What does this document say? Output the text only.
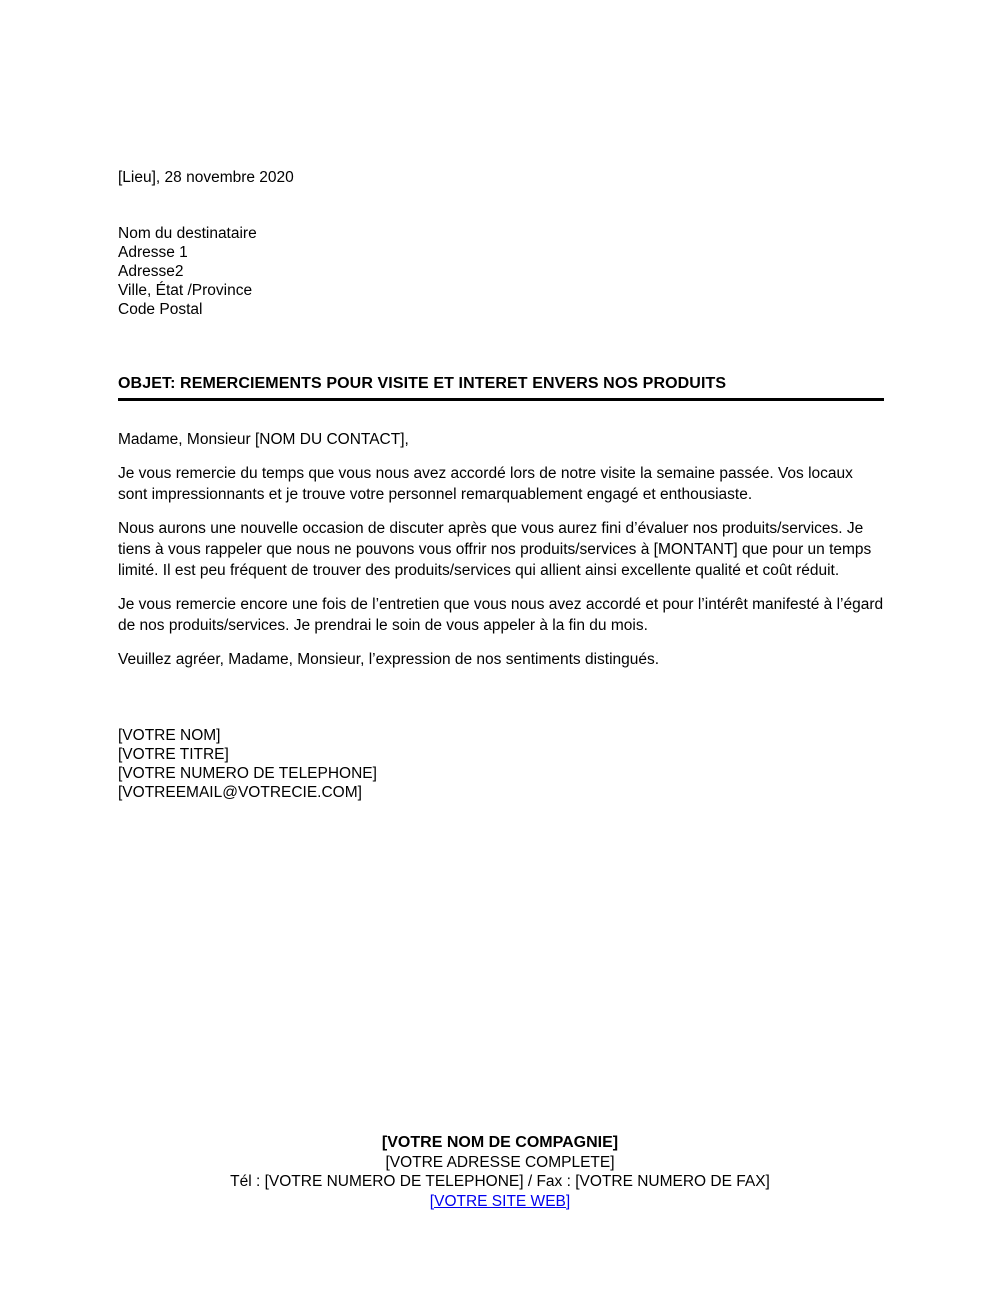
[Lieu], 28 novembre 2020
Nom du destinataire
Adresse 1
Adresse2
Ville, État /Province
Code Postal
OBJET: REMERCIEMENTS POUR VISITE ET INTERET ENVERS NOS PRODUITS
Madame, Monsieur [NOM DU CONTACT],
Je vous remercie du temps que vous nous avez accordé lors de notre visite la semaine passée. Vos locaux sont impressionnants et je trouve votre personnel remarquablement engagé et enthousiaste.
Nous aurons une nouvelle occasion de discuter après que vous aurez fini d’évaluer nos produits/services. Je tiens à vous rappeler que nous ne pouvons vous offrir nos produits/services à [MONTANT] que pour un temps limité. Il est peu fréquent de trouver des produits/services qui allient ainsi excellente qualité et coût réduit.
Je vous remercie encore une fois de l’entretien que vous nous avez accordé et pour l’intérêt manifesté à l’égard de nos produits/services. Je prendrai le soin de vous appeler à la fin du mois.
Veuillez agréer, Madame, Monsieur, l’expression de nos sentiments distingués.
[VOTRE NOM]
[VOTRE TITRE]
[VOTRE NUMERO DE TELEPHONE]
[VOTREEMAIL@VOTRECIE.COM]
[VOTRE NOM DE COMPAGNIE]
[VOTRE ADRESSE COMPLETE]
Tél : [VOTRE NUMERO DE TELEPHONE] / Fax : [VOTRE NUMERO DE FAX]
[VOTRE SITE WEB]
